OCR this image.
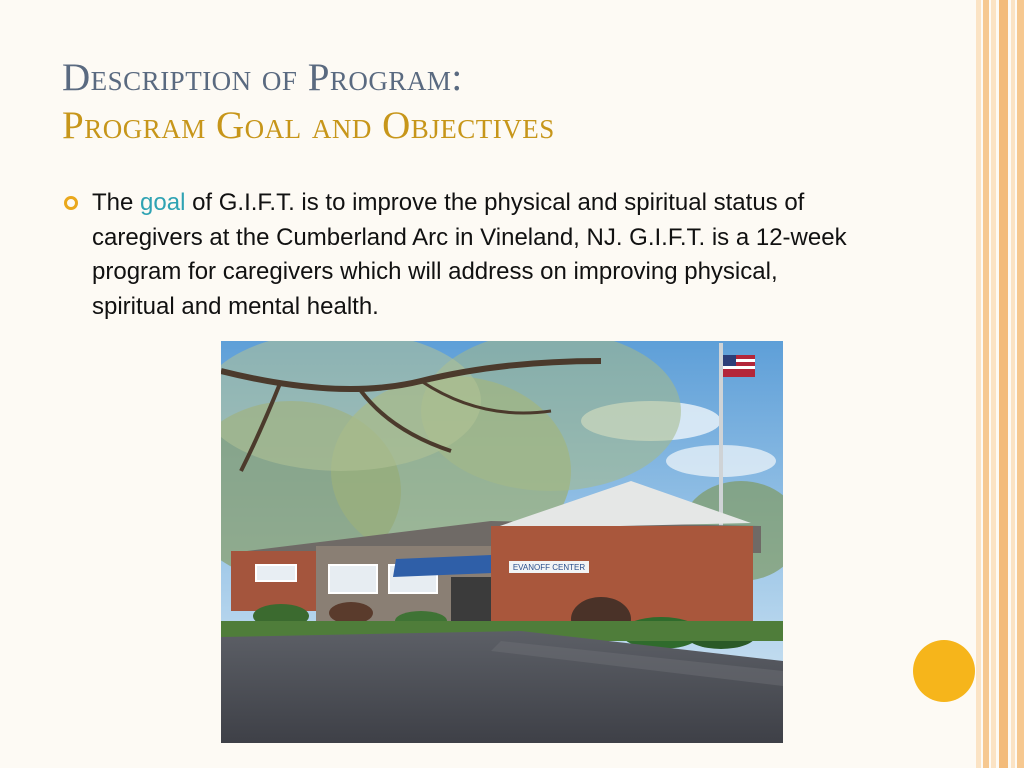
Description of Program:
Program Goal and Objectives
The goal of G.I.F.T. is to improve the physical and spiritual status of caregivers at the Cumberland Arc in Vineland, NJ. G.I.F.T. is a 12-week program for caregivers which will address on improving physical, spiritual and mental health.
EVANOFF CENTER
